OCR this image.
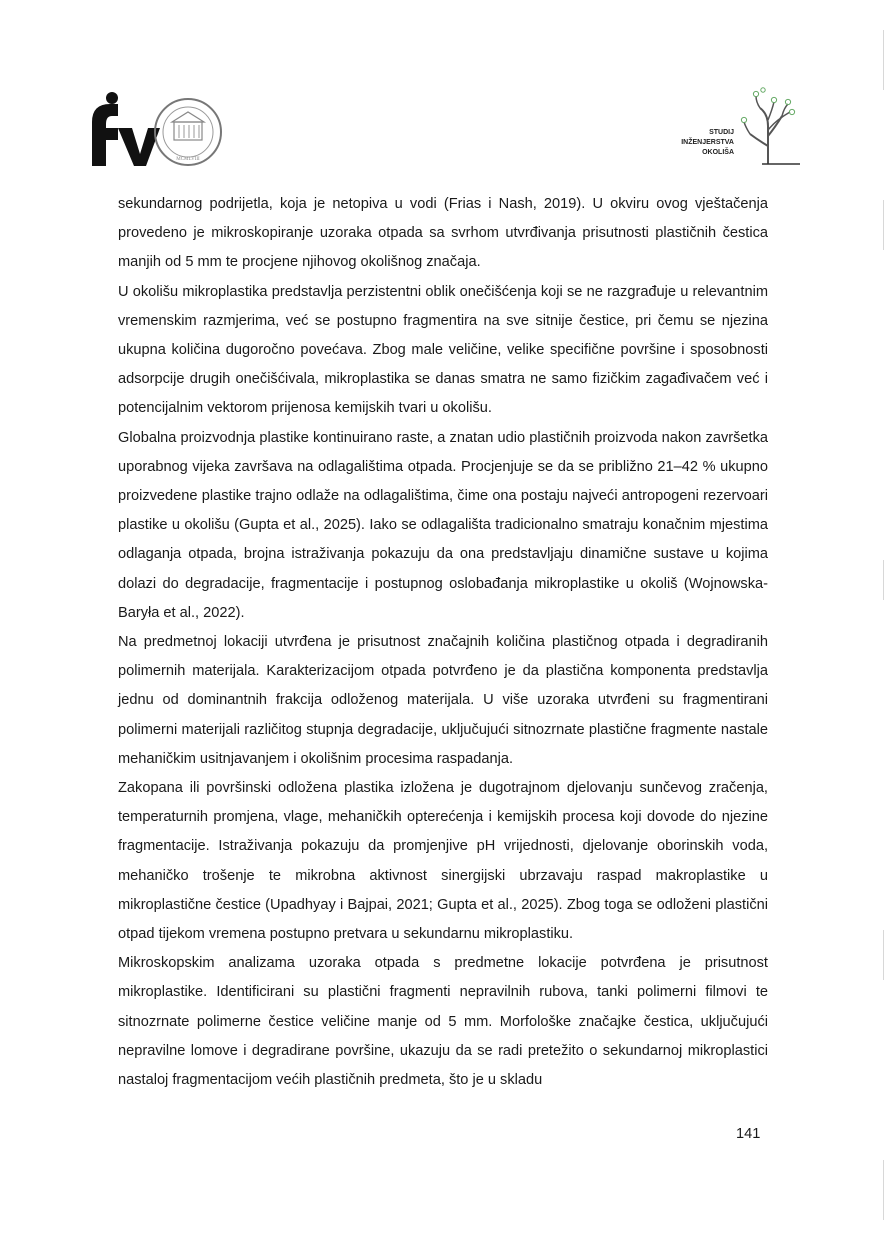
MCMLVIII
STUDIJ
INŽENJERSTVA
OKOLIŠA

sekundarnog podrijetla, koja je netopiva u vodi (Frias i Nash, 2019). U okviru ovog vještačenja provedeno je mikroskopiranje uzoraka otpada sa svrhom utvrđivanja prisutnosti plastičnih čestica manjih od 5 mm te procjene njihovog okolišnog značaja.

U okolišu mikroplastika predstavlja perzistentni oblik onečišćenja koji se ne razgrađuje u relevantnim vremenskim razmjerima, već se postupno fragmentira na sve sitnije čestice, pri čemu se njezina ukupna količina dugoročno povećava. Zbog male veličine, velike specifične površine i sposobnosti adsorpcije drugih onečišćivala, mikroplastika se danas smatra ne samo fizičkim zagađivačem već i potencijalnim vektorom prijenosa kemijskih tvari u okolišu.

Globalna proizvodnja plastike kontinuirano raste, a znatan udio plastičnih proizvoda nakon završetka uporabnog vijeka završava na odlagalištima otpada. Procjenjuje se da se približno 21–42 % ukupno proizvedene plastike trajno odlaže na odlagalištima, čime ona postaju najveći antropogeni rezervoari plastike u okolišu (Gupta et al., 2025). Iako se odlagališta tradicionalno smatraju konačnim mjestima odlaganja otpada, brojna istraživanja pokazuju da ona predstavljaju dinamične sustave u kojima dolazi do degradacije, fragmentacije i postupnog oslobađanja mikroplastike u okoliš (Wojnowska-Baryła et al., 2022).

Na predmetnoj lokaciji utvrđena je prisutnost značajnih količina plastičnog otpada i degradiranih polimernih materijala. Karakterizacijom otpada potvrđeno je da plastična komponenta predstavlja jednu od dominantnih frakcija odloženog materijala. U više uzoraka utvrđeni su fragmentirani polimerni materijali različitog stupnja degradacije, uključujući sitnozrnate plastične fragmente nastale mehaničkim usitnjavanjem i okolišnim procesima raspadanja.

Zakopana ili površinski odložena plastika izložena je dugotrajnom djelovanju sunčevog zračenja, temperaturnih promjena, vlage, mehaničkih opterećenja i kemijskih procesa koji dovode do njezine fragmentacije. Istraživanja pokazuju da promjenjive pH vrijednosti, djelovanje oborinskih voda, mehaničko trošenje te mikrobna aktivnost sinergijski ubrzavaju raspad makroplastike u mikroplastične čestice (Upadhyay i Bajpai, 2021; Gupta et al., 2025). Zbog toga se odloženi plastični otpad tijekom vremena postupno pretvara u sekundarnu mikroplastiku.

Mikroskopskim analizama uzoraka otpada s predmetne lokacije potvrđena je prisutnost mikroplastike. Identificirani su plastični fragmenti nepravilnih rubova, tanki polimerni filmovi te sitnozrnate polimerne čestice veličine manje od 5 mm. Morfološke značajke čestica, uključujući nepravilne lomove i degradirane površine, ukazuju da se radi pretežito o sekundarnoj mikroplastici nastaloj fragmentacijom većih plastičnih predmeta, što je u skladu

141
